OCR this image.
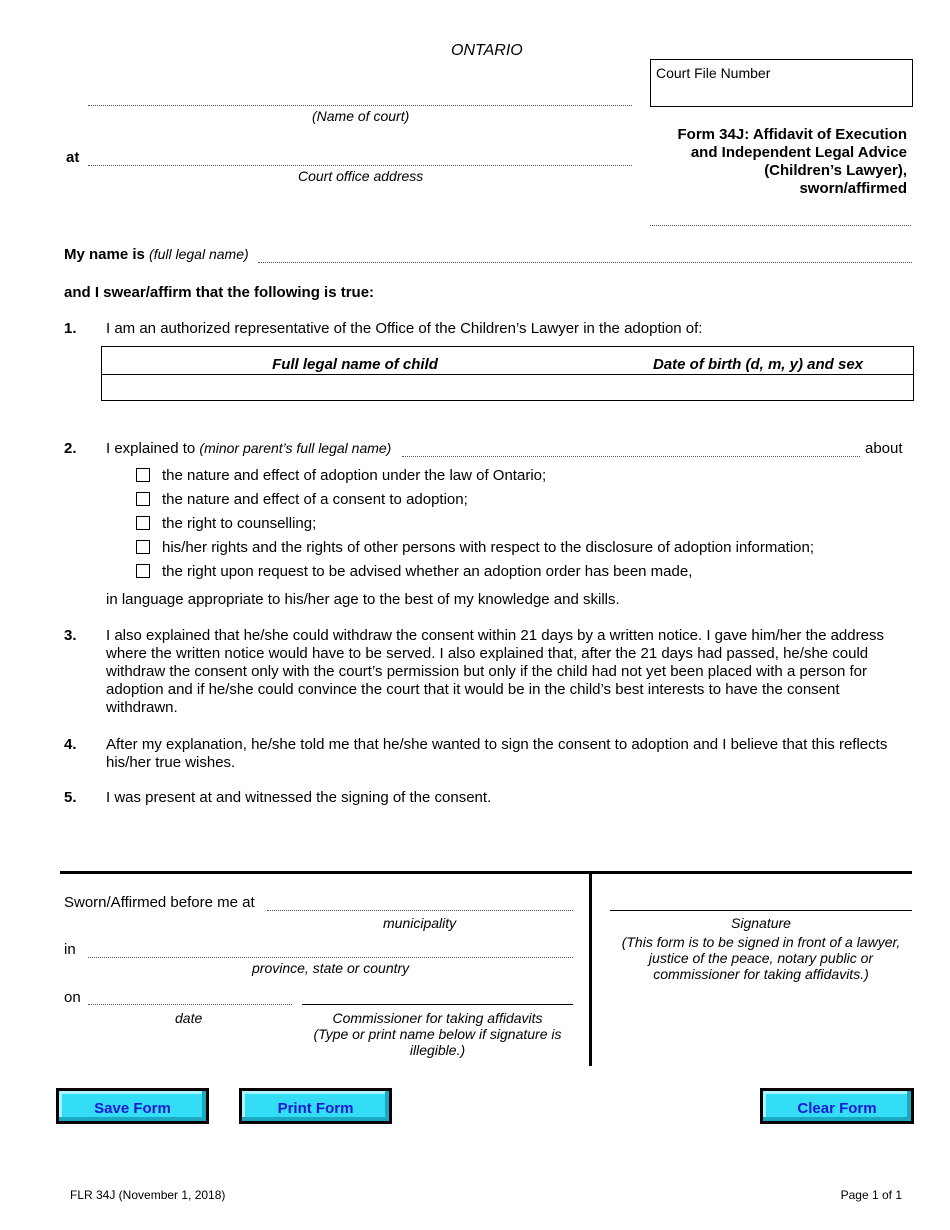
ONTARIO
Court File Number
(Name of court)
at
Court office address
Form 34J: Affidavit of Execution
and Independent Legal Advice
(Children’s Lawyer),
sworn/affirmed
My name is (full legal name)
and I swear/affirm that the following is true:
1. I am an authorized representative of the Office of the Children’s Lawyer in the adoption of:
Full legal name of child	Date of birth (d, m, y) and sex
2. I explained to (minor parent’s full legal name)	about
the nature and effect of adoption under the law of Ontario;
the nature and effect of a consent to adoption;
the right to counselling;
his/her rights and the rights of other persons with respect to the disclosure of adoption information;
the right upon request to be advised whether an adoption order has been made,
in language appropriate to his/her age to the best of my knowledge and skills.
3. I also explained that he/she could withdraw the consent within 21 days by a written notice. I gave him/her the address where the written notice would have to be served. I also explained that, after the 21 days had passed, he/she could withdraw the consent only with the court’s permission but only if the child had not yet been placed with a person for adoption and if he/she could convince the court that it would be in the child’s best interests to have the consent withdrawn.
4. After my explanation, he/she told me that he/she wanted to sign the consent to adoption and I believe that this reflects his/her true wishes.
5. I was present at and witnessed the signing of the consent.
Sworn/Affirmed before me at
municipality
in
province, state or country
on
date	Commissioner for taking affidavits
(Type or print name below if signature is
illegible.)
Signature
(This form is to be signed in front of a lawyer,
justice of the peace, notary public or
commissioner for taking affidavits.)
Save Form	Print Form	Clear Form
FLR 34J (November 1, 2018)	Page 1 of 1
